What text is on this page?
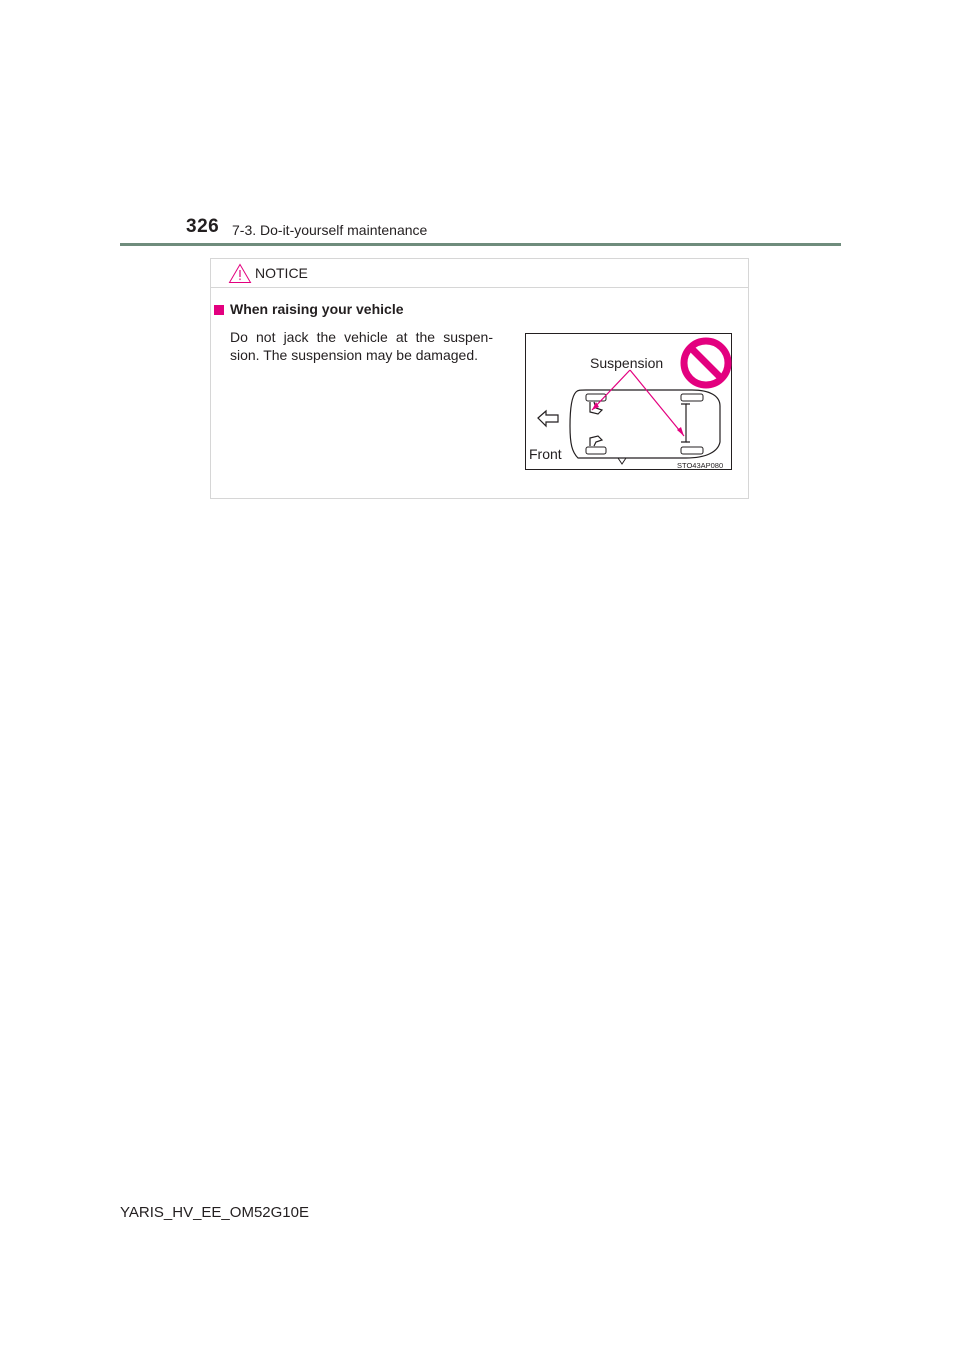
326 7-3. Do-it-yourself maintenance
NOTICE
When raising your vehicle
Do not jack the vehicle at the suspen-sion. The suspension may be damaged.	Suspension
Front
STO43AP080
YARIS_HV_EE_OM52G10E
